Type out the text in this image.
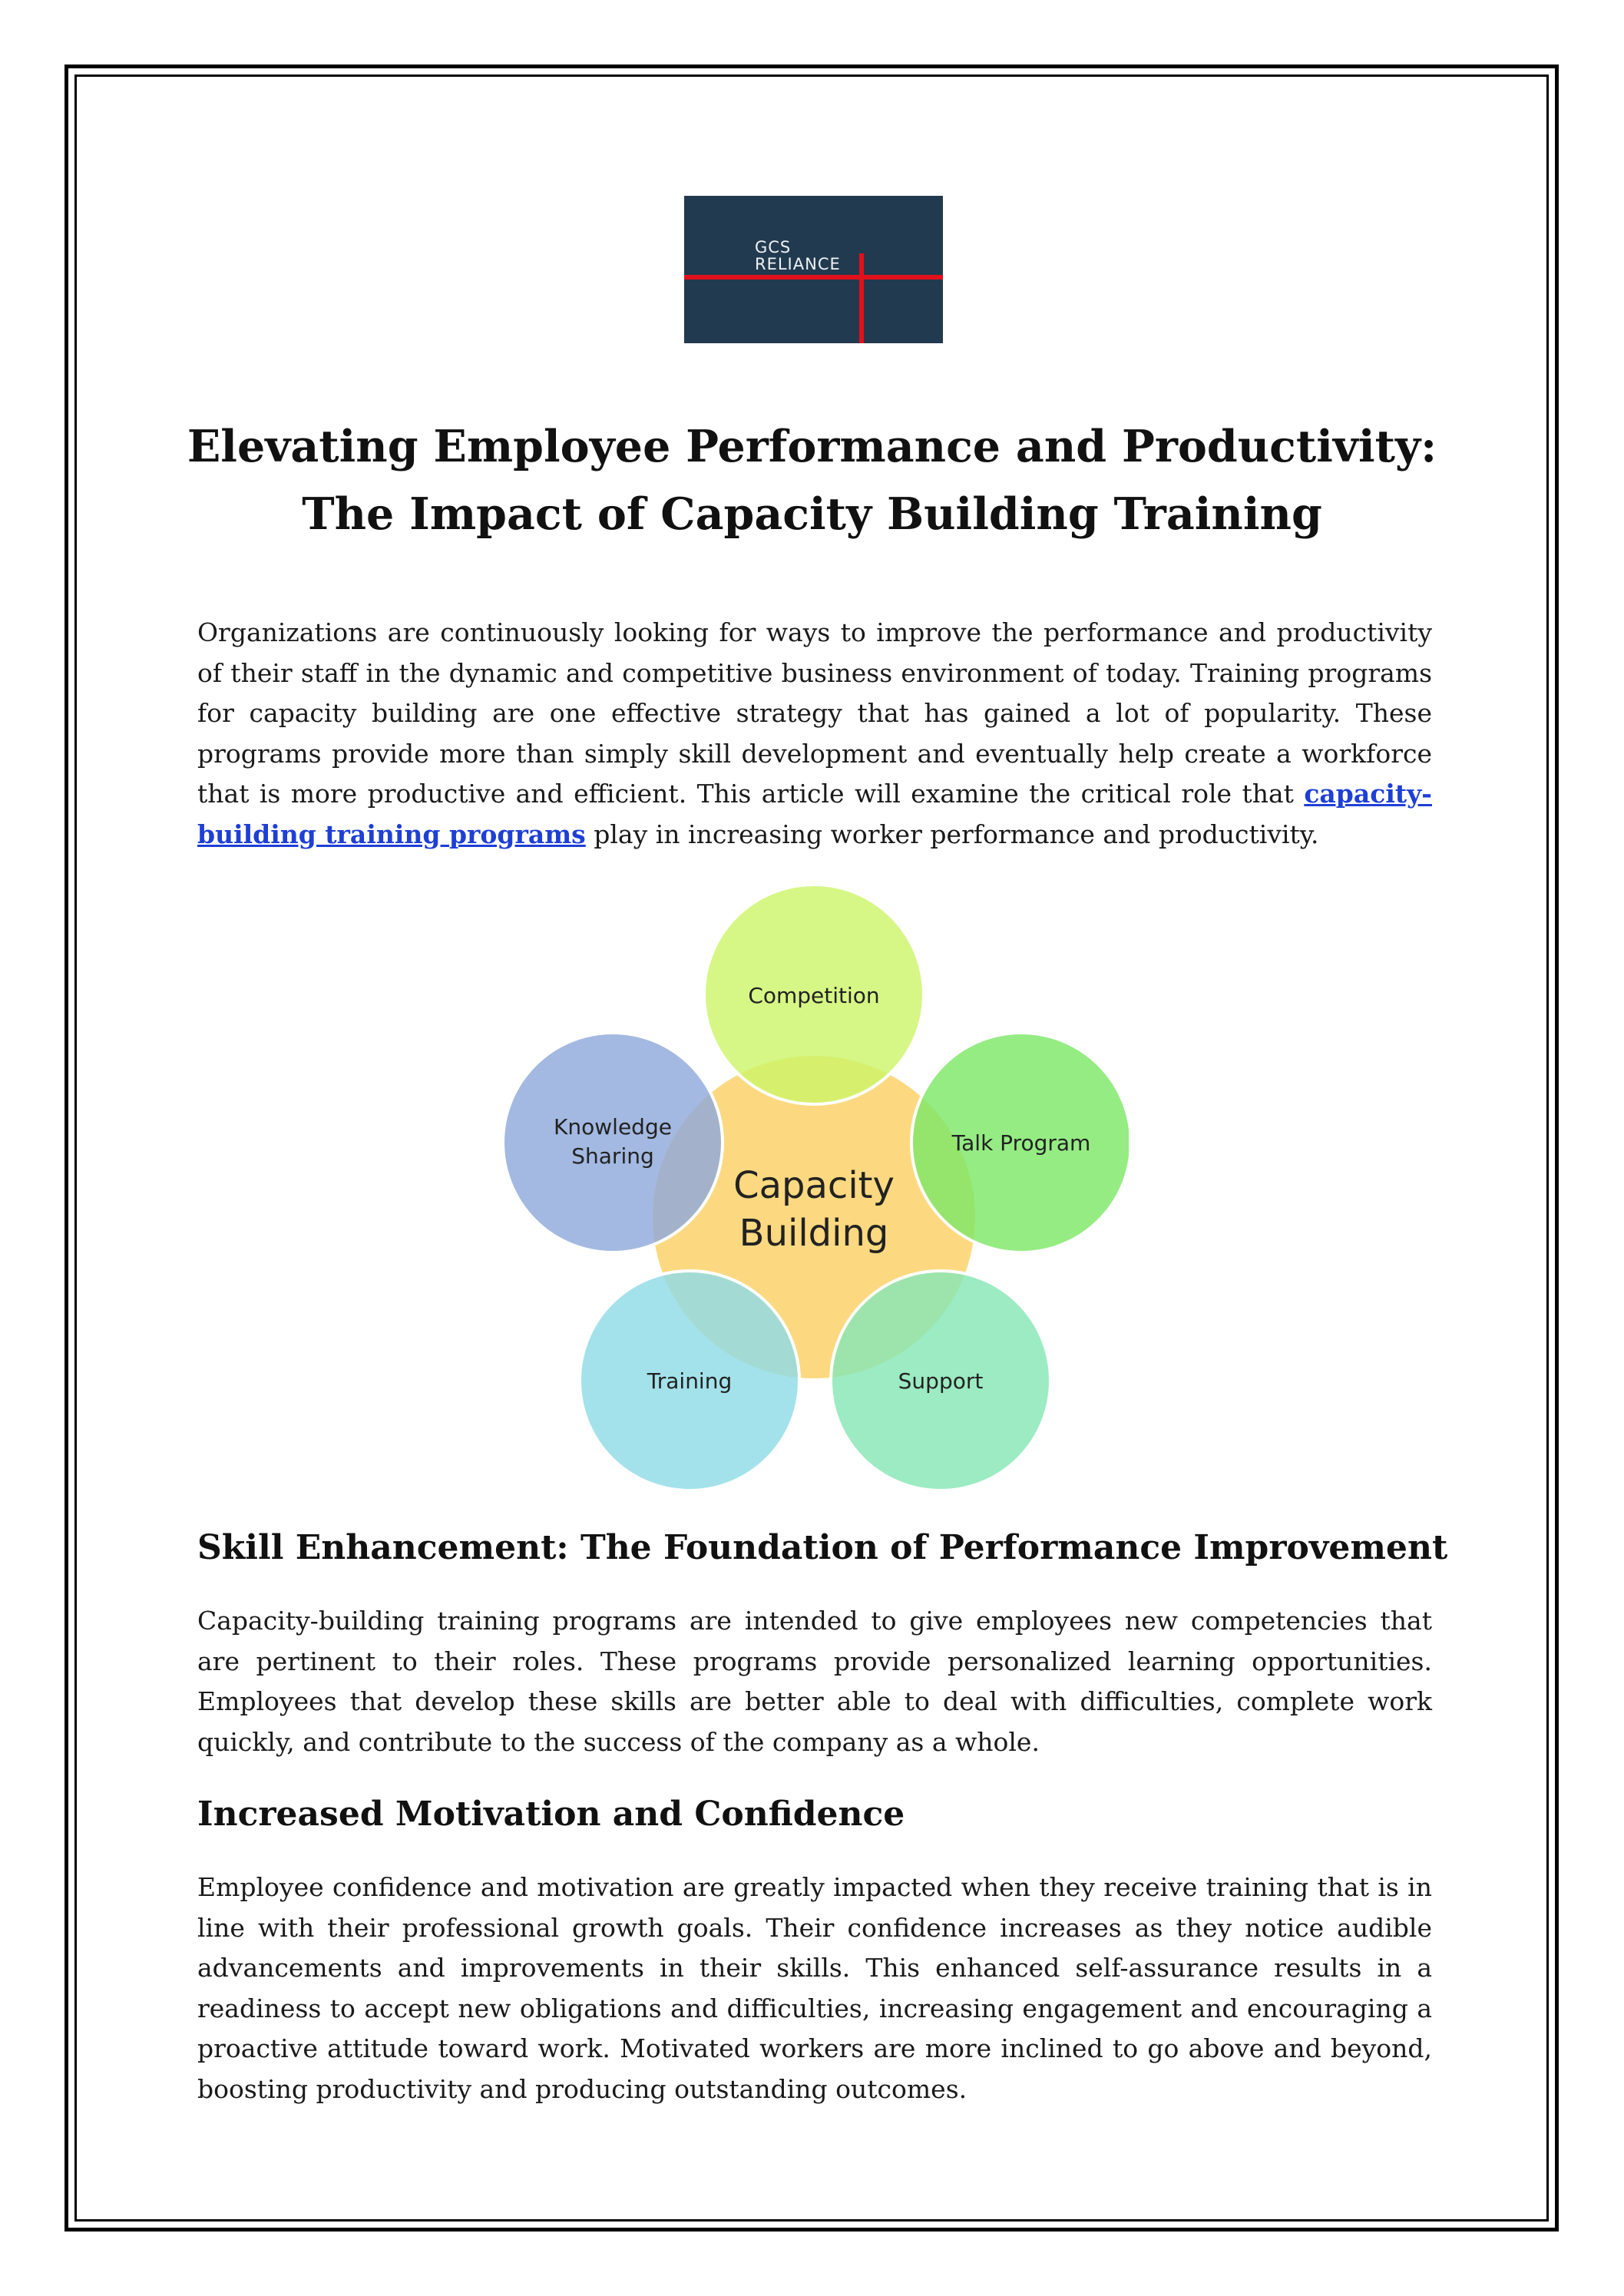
GCS
RELIANCE
Elevating Employee Performance and Productivity:
The Impact of Capacity Building Training

Organizations are continuously looking for ways to improve the performance and productivity of their staff in the dynamic and competitive business environment of today. Training programs for capacity building are one effective strategy that has gained a lot of popularity. These programs provide more than simply skill development and eventually help create a workforce that is more productive and efficient. This article will examine the critical role that capacity-building training programs play in increasing worker performance and productivity.

Capacity
Building
Competition
Talk Program
Support
Training
Knowledge
Sharing
Skill Enhancement: The Foundation of Performance Improvement

Capacity-building training programs are intended to give employees new competencies that are pertinent to their roles. These programs provide personalized learning opportunities. Employees that develop these skills are better able to deal with difficulties, complete work quickly, and contribute to the success of the company as a whole.

Increased Motivation and Confidence

Employee confidence and motivation are greatly impacted when they receive training that is in line with their professional growth goals. Their confidence increases as they notice audible advancements and improvements in their skills. This enhanced self-assurance results in a readiness to accept new obligations and difficulties, increasing engagement and encouraging a proactive attitude toward work. Motivated workers are more inclined to go above and beyond, boosting productivity and producing outstanding outcomes.
